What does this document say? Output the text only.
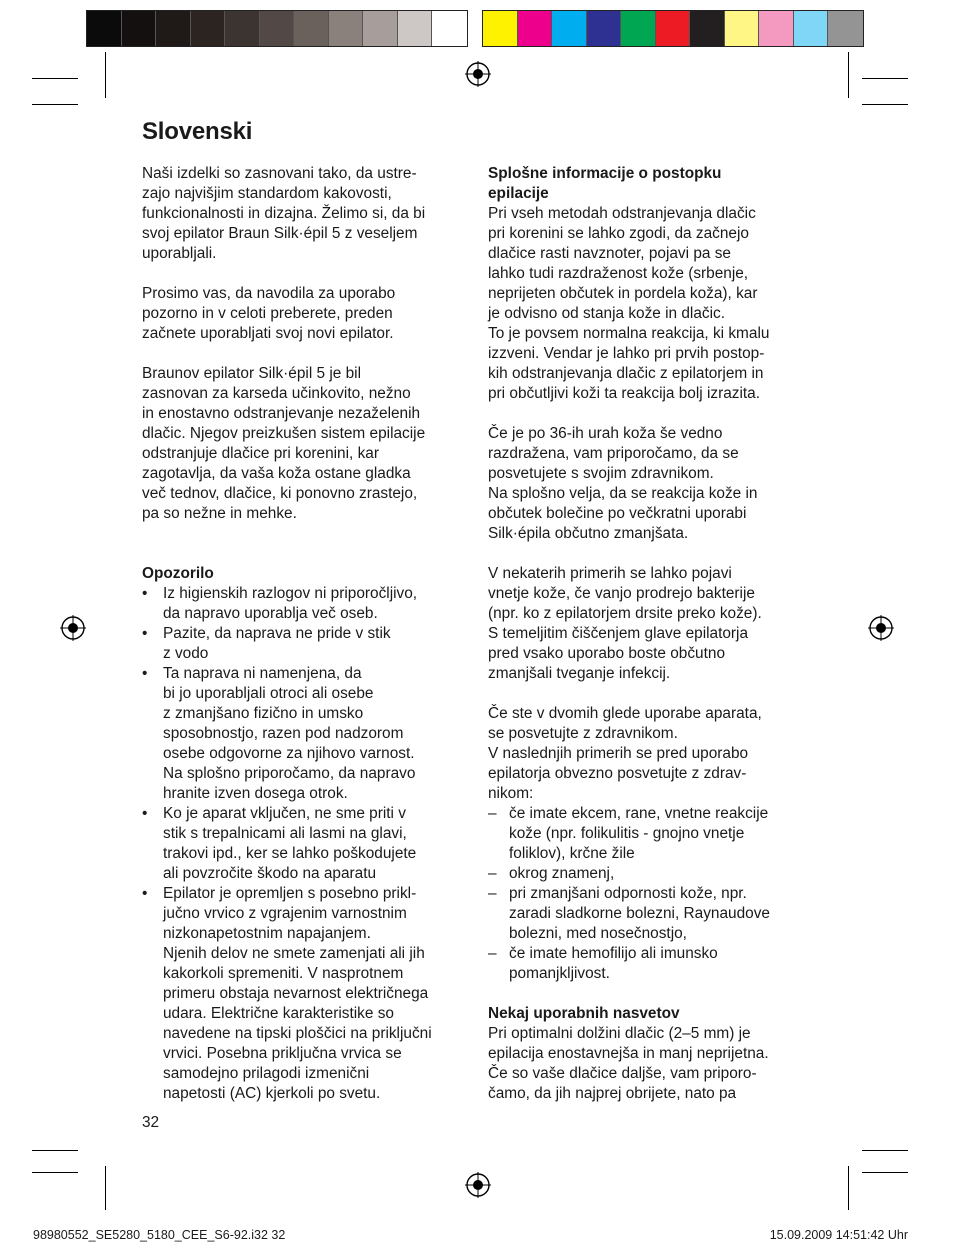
Slovenski

Naši izdelki so zasnovani tako, da ustre-
zajo najvišjim standardom kakovosti,
funkcionalnosti in dizajna. Želimo si, da bi
svoj epilator Braun Silk·épil 5 z veseljem
uporabljali.

Prosimo vas, da navodila za uporabo
pozorno in v celoti preberete, preden
začnete uporabljati svoj novi epilator.

Braunov epilator Silk·épil 5 je bil
zasnovan za karseda učinkovito, nežno
in enostavno odstranjevanje nezaželenih
dlačic. Njegov preizkušen sistem epilacije
odstranjuje dlačice pri korenini, kar
zagotavlja, da vaša koža ostane gladka
več tednov, dlačice, ki ponovno zrastejo,
pa so nežne in mehke.

Opozorilo

• Iz higienskih razlogov ni priporočljivo,
da napravo uporablja več oseb.
• Pazite, da naprava ne pride v stik
z vodo
• Ta naprava ni namenjena, da
bi jo uporabljali otroci ali osebe
z zmanjšano fizično in umsko
sposobnostjo, razen pod nadzorom
osebe odgovorne za njihovo varnost.
Na splošno priporočamo, da napravo
hranite izven dosega otrok.
• Ko je aparat vključen, ne sme priti v
stik s trepalnicami ali lasmi na glavi,
trakovi ipd., ker se lahko poškodujete
ali povzročite škodo na aparatu
• Epilator je opremljen s posebno prikl-
jučno vrvico z vgrajenim varnostnim
nizkonapetostnim napajanjem.
Njenih delov ne smete zamenjati ali jih
kakorkoli spremeniti. V nasprotnem
primeru obstaja nevarnost električnega
udara. Električne karakteristike so
navedene na tipski ploščici na priključni
vrvici. Posebna priključna vrvica se
samodejno prilagodi izmenični
napetosti (AC) kjerkoli po svetu.

Splošne informacije o postopku
epilacije

Pri vseh metodah odstranjevanja dlačic
pri korenini se lahko zgodi, da začnejo
dlačice rasti navznoter, pojavi pa se
lahko tudi razdraženost kože (srbenje,
neprijeten občutek in pordela koža), kar
je odvisno od stanja kože in dlačic.
To je povsem normalna reakcija, ki kmalu
izzveni. Vendar je lahko pri prvih postop-
kih odstranjevanja dlačic z epilatorjem in
pri občutljivi koži ta reakcija bolj izrazita.

Če je po 36-ih urah koža še vedno
razdražena, vam priporočamo, da se
posvetujete s svojim zdravnikom.
Na splošno velja, da se reakcija kože in
občutek bolečine po večkratni uporabi
Silk·épila občutno zmanjšata.

V nekaterih primerih se lahko pojavi
vnetje kože, če vanjo prodrejo bakterije
(npr. ko z epilatorjem drsite preko kože).
S temeljitim čiščenjem glave epilatorja
pred vsako uporabo boste občutno
zmanjšali tveganje infekcij.

Če ste v dvomih glede uporabe aparata,
se posvetujte z zdravnikom.
V naslednjih primerih se pred uporabo
epilatorja obvezno posvetujte z zdrav-
nikom:

– če imate ekcem, rane, vnetne reakcije
kože (npr. folikulitis - gnojno vnetje
foliklov), krčne žile
– okrog znamenj,
– pri zmanjšani odpornosti kože, npr.
zaradi sladkorne bolezni, Raynaudove
bolezni, med nosečnostjo,
– če imate hemofilijo ali imunsko
pomanjkljivost.

Nekaj uporabnih nasvetov

Pri optimalni dolžini dlačic (2–5 mm) je
epilacija enostavnejša in manj neprijetna.
Če so vaše dlačice daljše, vam priporo-
čamo, da jih najprej obrijete, nato pa

32
98980552_SE5280_5180_CEE_S6-92.i32 32	15.09.2009 14:51:42 Uhr
